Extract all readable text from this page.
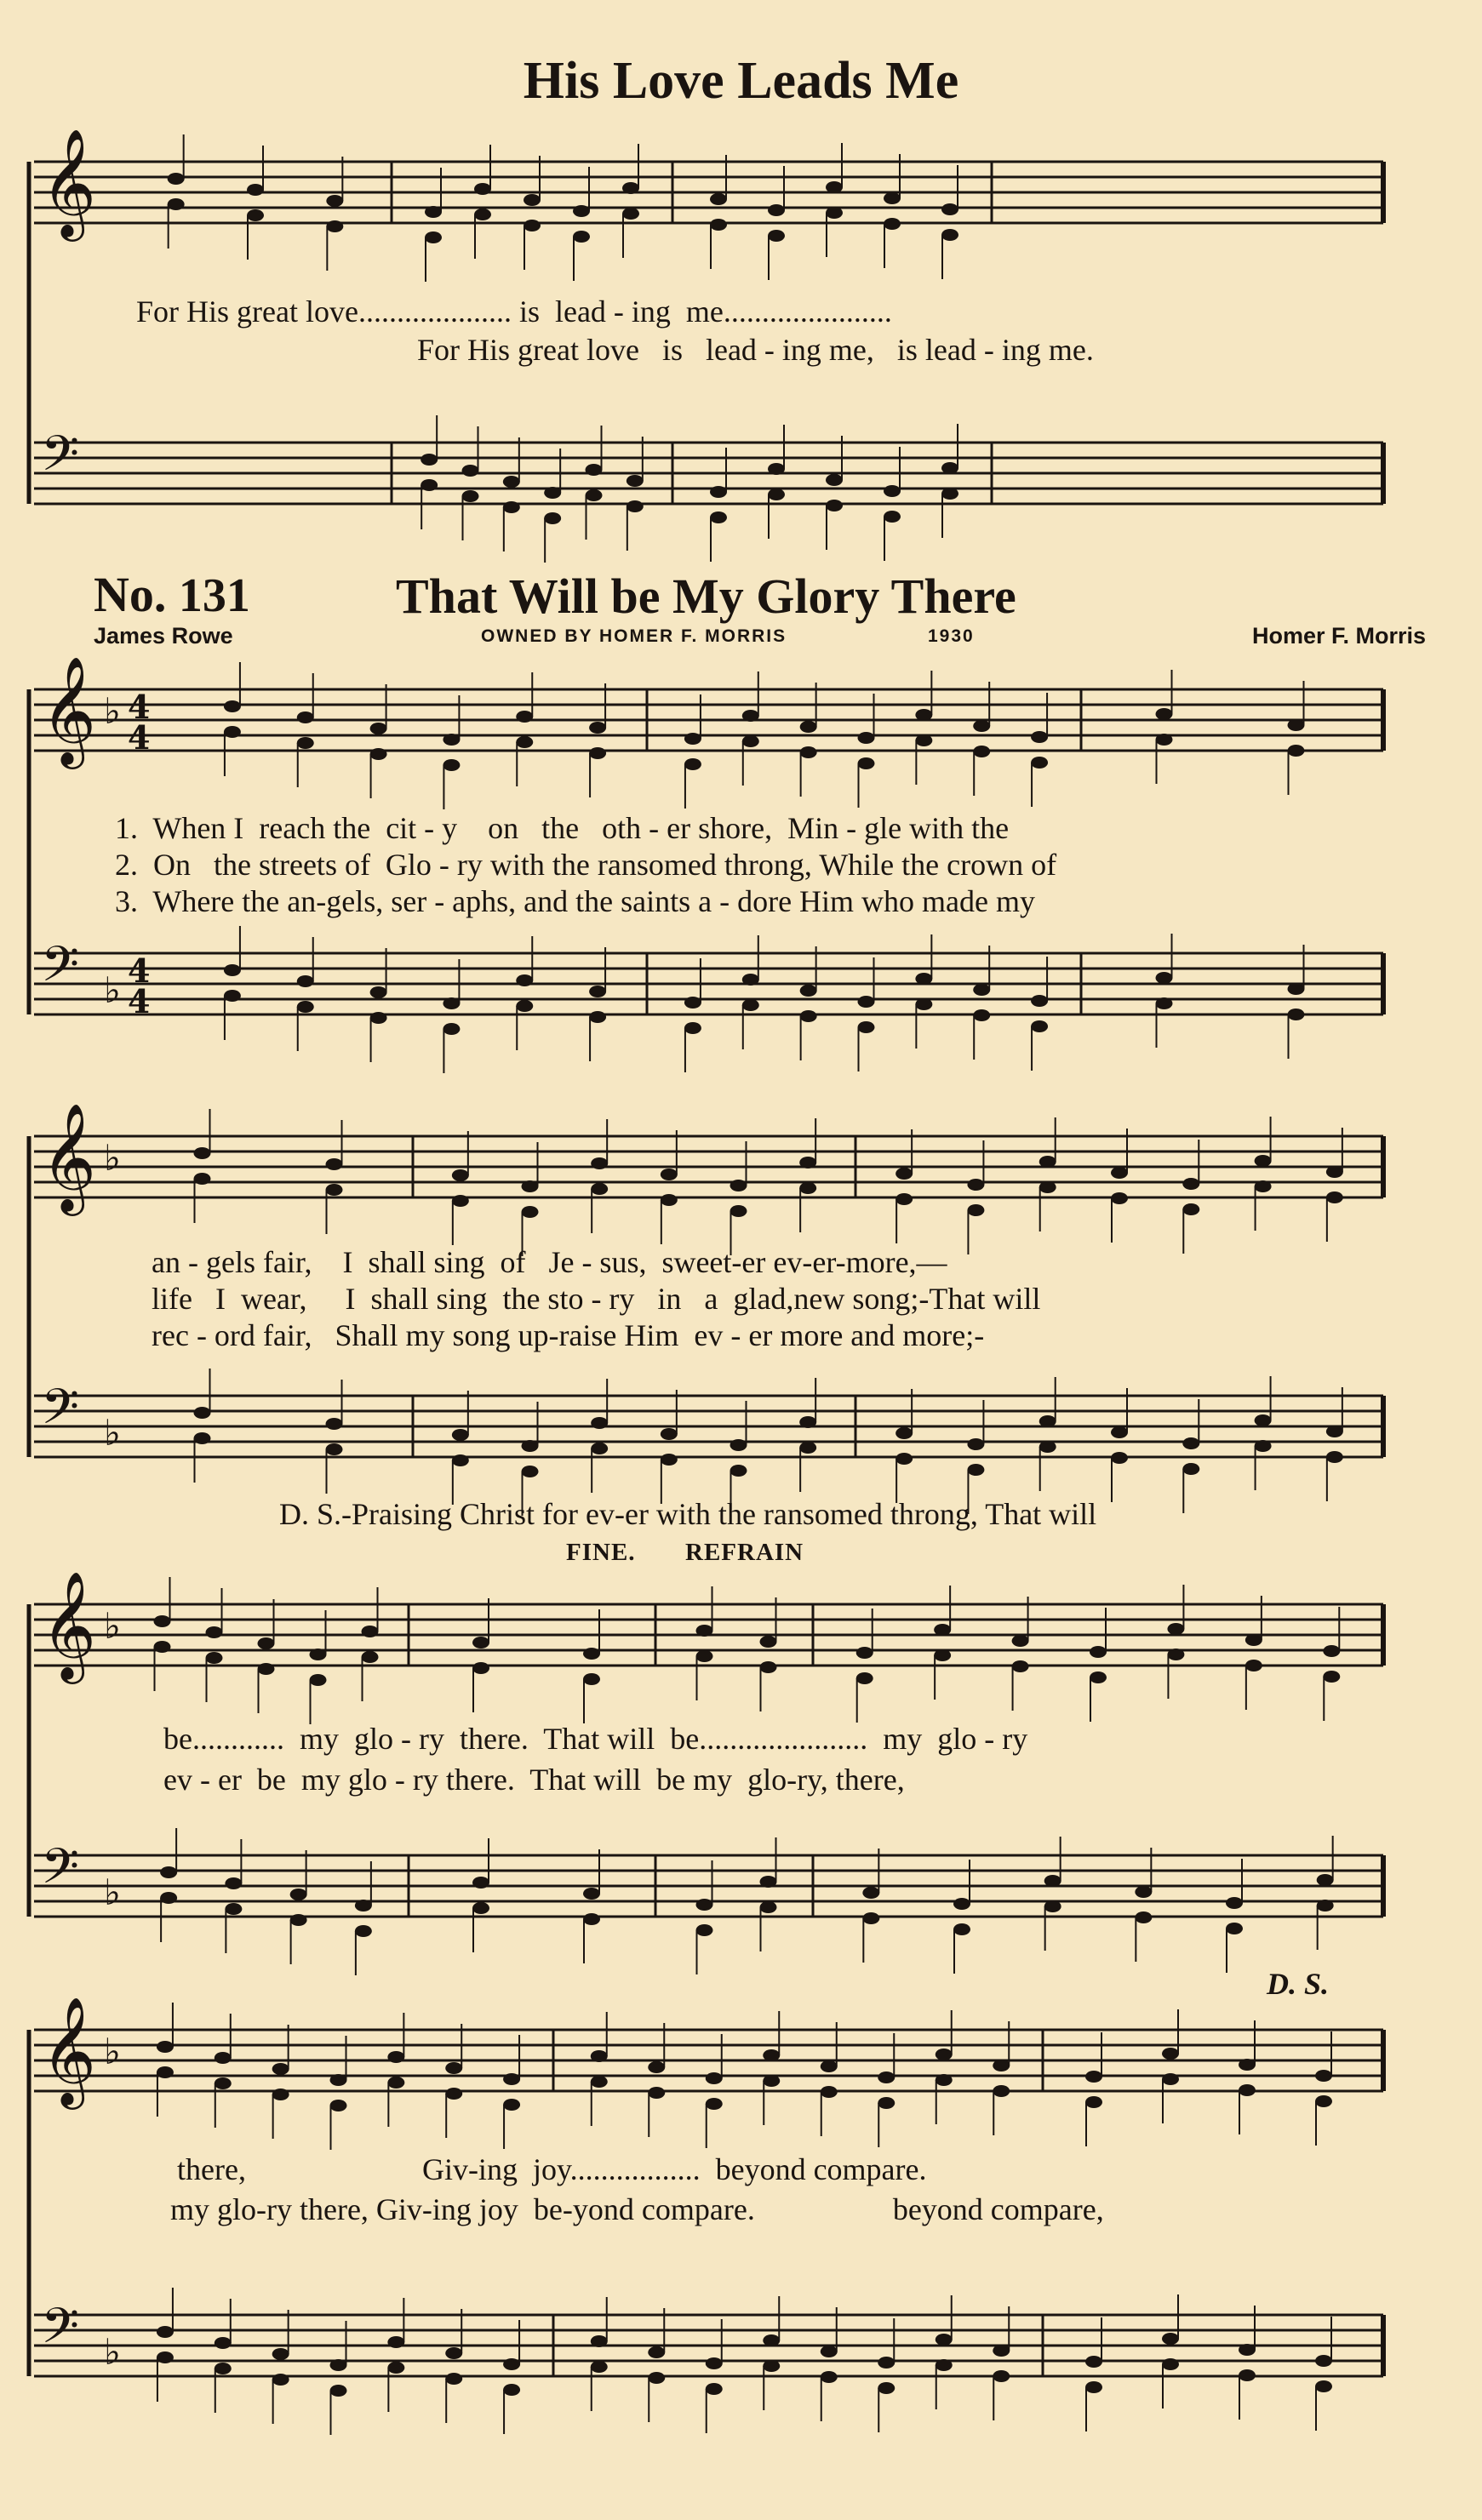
His Love Leads Me
𝄞
𝄢
𝄞 ♭
𝄢 ♭
𝄞 ♭
𝄢 ♭
𝄞 ♭
𝄢 ♭
𝄞 ♭
𝄢 ♭
4
4
4
4
For His great love.................... is  lead - ing  me......................
For His great love   is   lead - ing me,   is lead - ing me.
No. 131	That Will be My Glory There
James Rowe	OWNED BY HOMER F. MORRIS	1930	Homer F. Morris
1.  When I  reach the  cit - y    on   the   oth - er shore,  Min - gle with the
2.  On   the streets of  Glo - ry with the ransomed throng, While the crown of
3.  Where the an-gels, ser - aphs, and the saints a - dore Him who made my
an - gels fair,    I  shall sing  of   Je - sus,  sweet-er ev-er-more,—
life   I  wear,     I  shall sing  the sto - ry   in   a  glad,new song;-That will
rec - ord fair,   Shall my song up-raise Him  ev - er more and more;-
D. S.-Praising Christ for ev-er with the ransomed throng, That will
FINE. REFRAIN
be............  my  glo - ry  there.  That will  be......................  my  glo - ry
ev - er  be  my glo - ry there.  That will  be my  glo-ry, there,
D. S.
there,                       Giv-ing  joy.................  beyond compare.
my glo-ry there, Giv-ing joy  be-yond compare.                  beyond compare,
